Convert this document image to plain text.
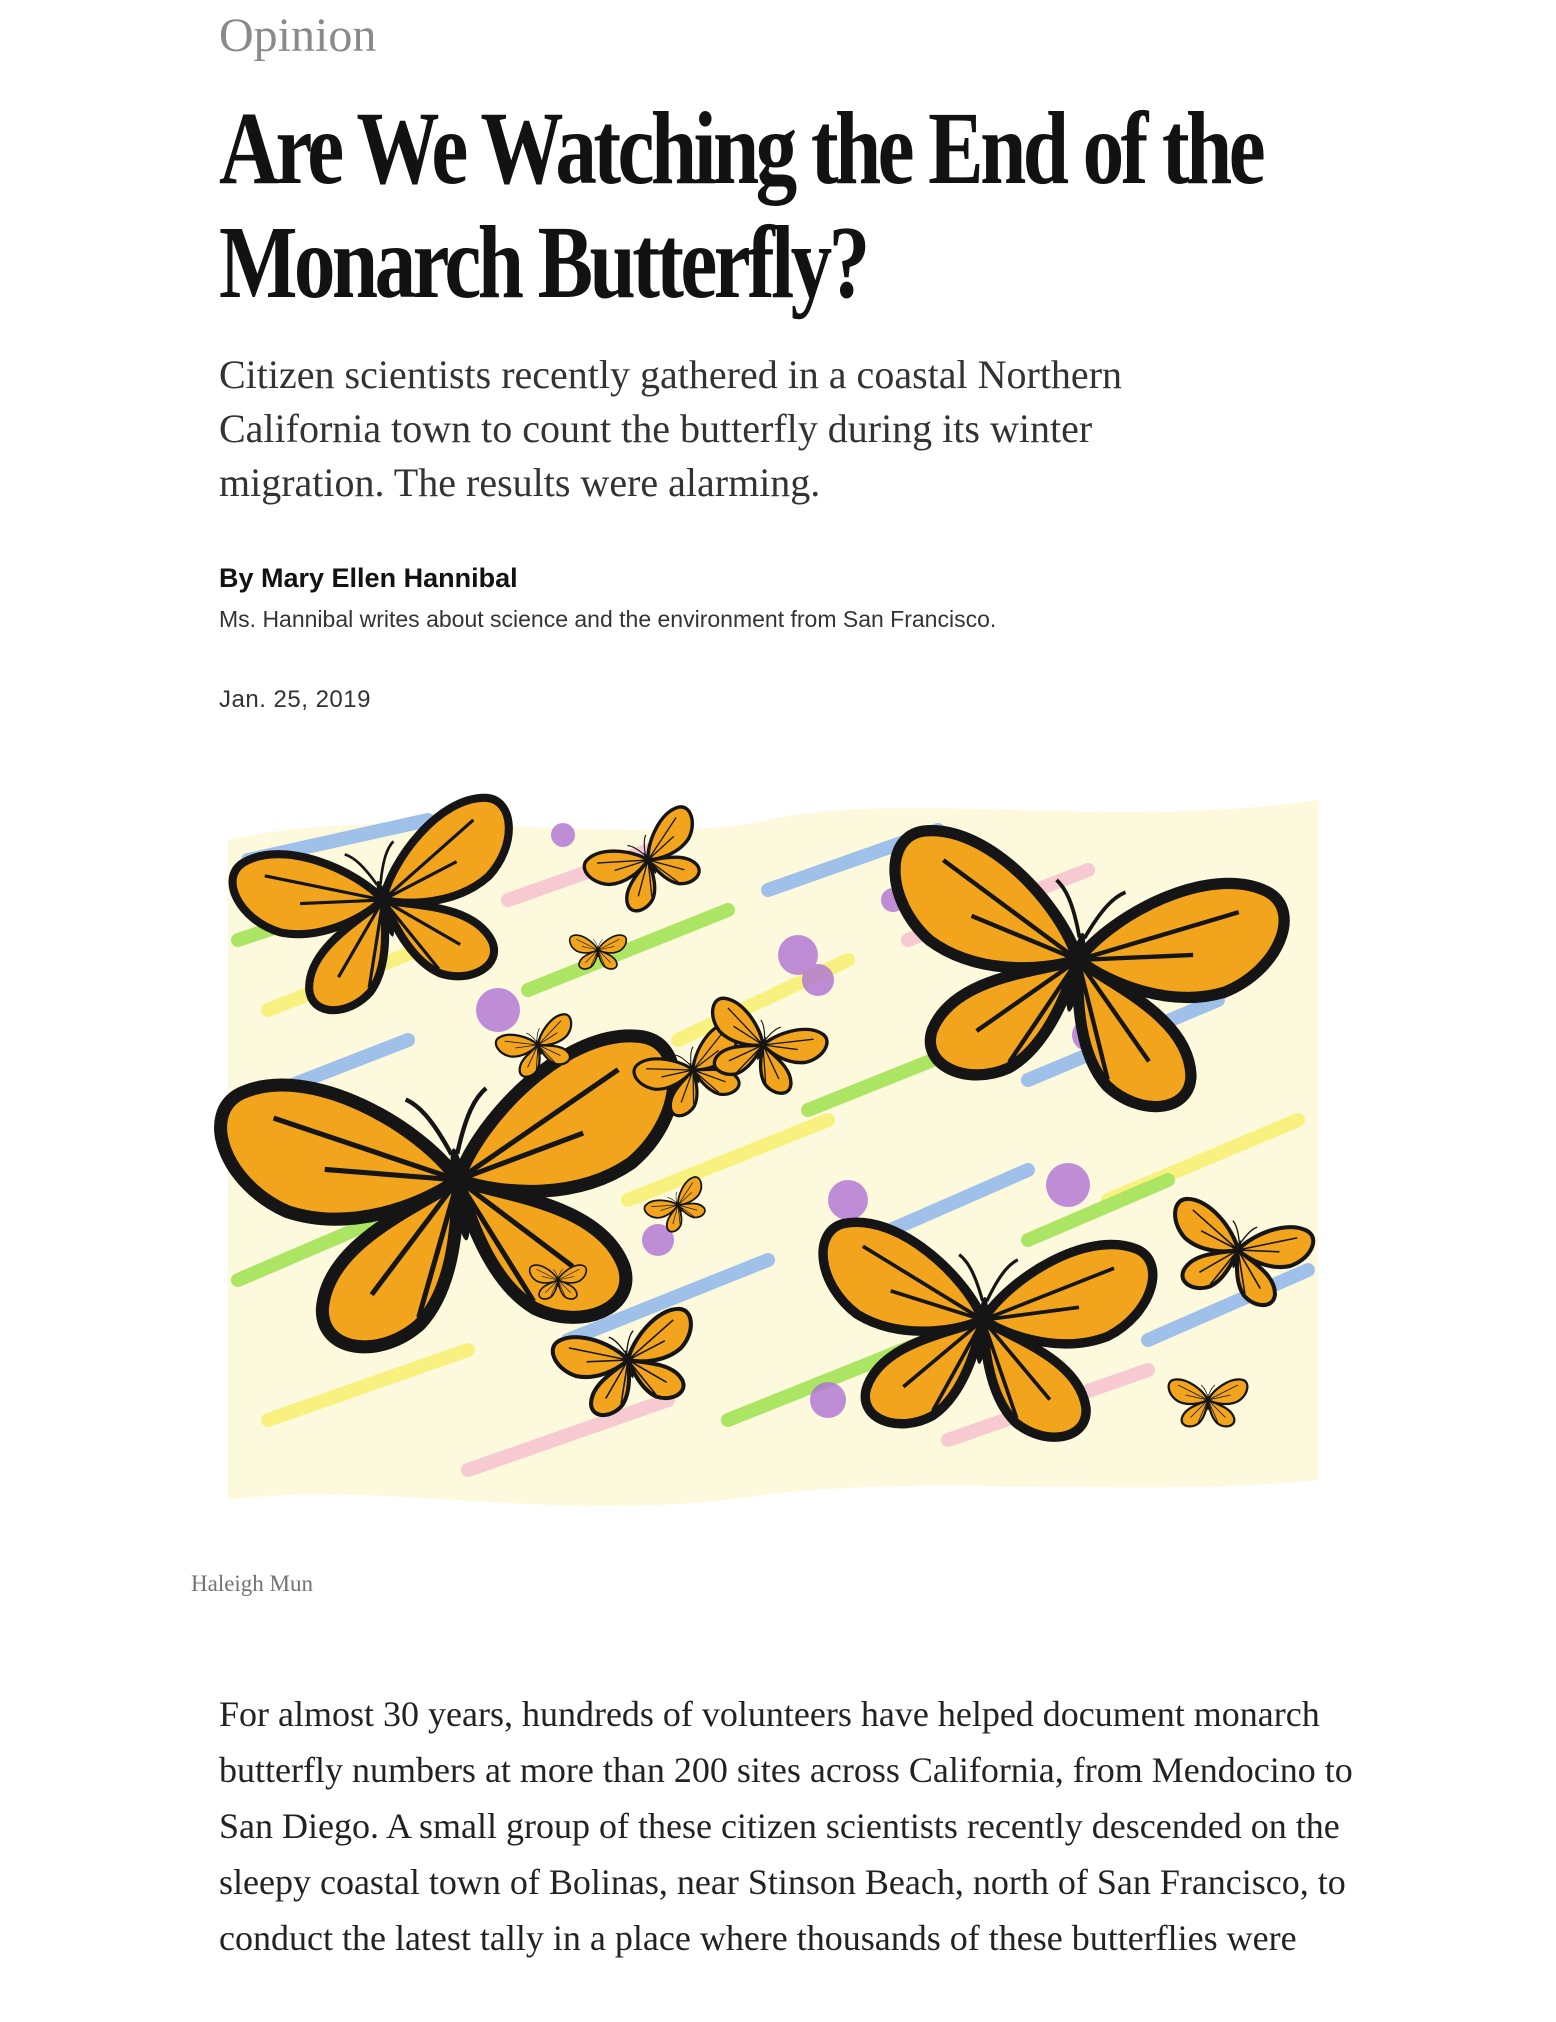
Opinion
Are We Watching the End of the Monarch Butterfly?
Citizen scientists recently gathered in a coastal Northern California town to count the butterfly during its winter migration. The results were alarming.
By Mary Ellen Hannibal
Ms. Hannibal writes about science and the environment from San Francisco.
Jan. 25, 2019
Haleigh Mun

For almost 30 years, hundreds of volunteers have helped document monarch butterfly numbers at more than 200 sites across California, from Mendocino to San Diego. A small group of these citizen scientists recently descended on the sleepy coastal town of Bolinas, near Stinson Beach, north of San Francisco, to conduct the latest tally in a place where thousands of these butterflies were
